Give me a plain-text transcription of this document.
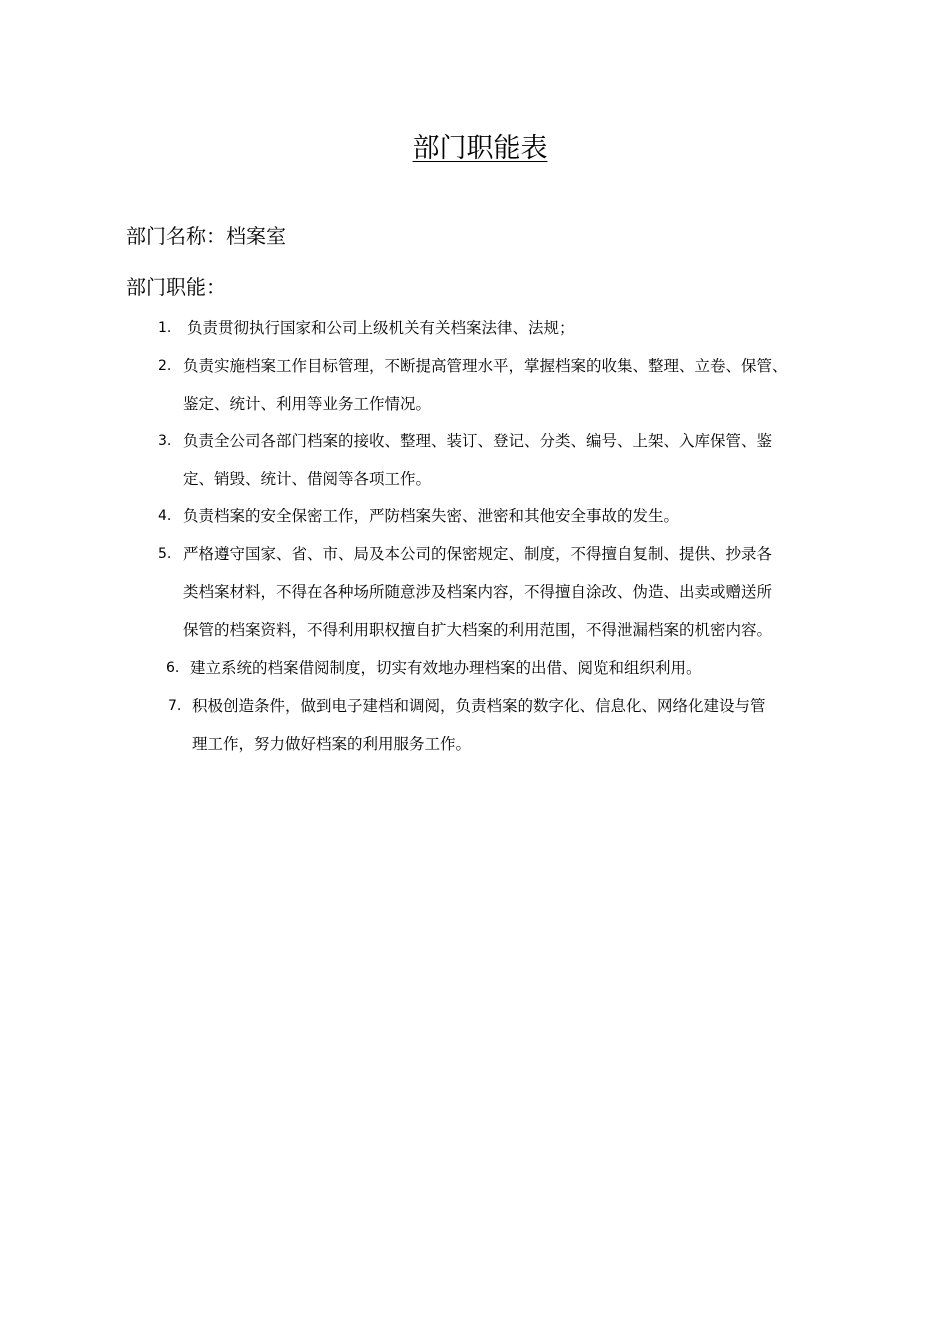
部门职能表
部门名称：档案室
部门职能：
1. 负责贯彻执行国家和公司上级机关有关档案法律、法规；
2. 负责实施档案工作目标管理，不断提高管理水平，掌握档案的收集、整理、立卷、保管、
鉴定、统计、利用等业务工作情况。
3. 负责全公司各部门档案的接收、整理、装订、登记、分类、编号、上架、入库保管、鉴
定、销毁、统计、借阅等各项工作。
4. 负责档案的安全保密工作，严防档案失密、泄密和其他安全事故的发生。
5. 严格遵守国家、省、市、局及本公司的保密规定、制度，不得擅自复制、提供、抄录各
类档案材料，不得在各种场所随意涉及档案内容，不得擅自涂改、伪造、出卖或赠送所
保管的档案资料，不得利用职权擅自扩大档案的利用范围，不得泄漏档案的机密内容。
6. 建立系统的档案借阅制度，切实有效地办理档案的出借、阅览和组织利用。
7. 积极创造条件，做到电子建档和调阅，负责档案的数字化、信息化、网络化建设与管
理工作，努力做好档案的利用服务工作。
